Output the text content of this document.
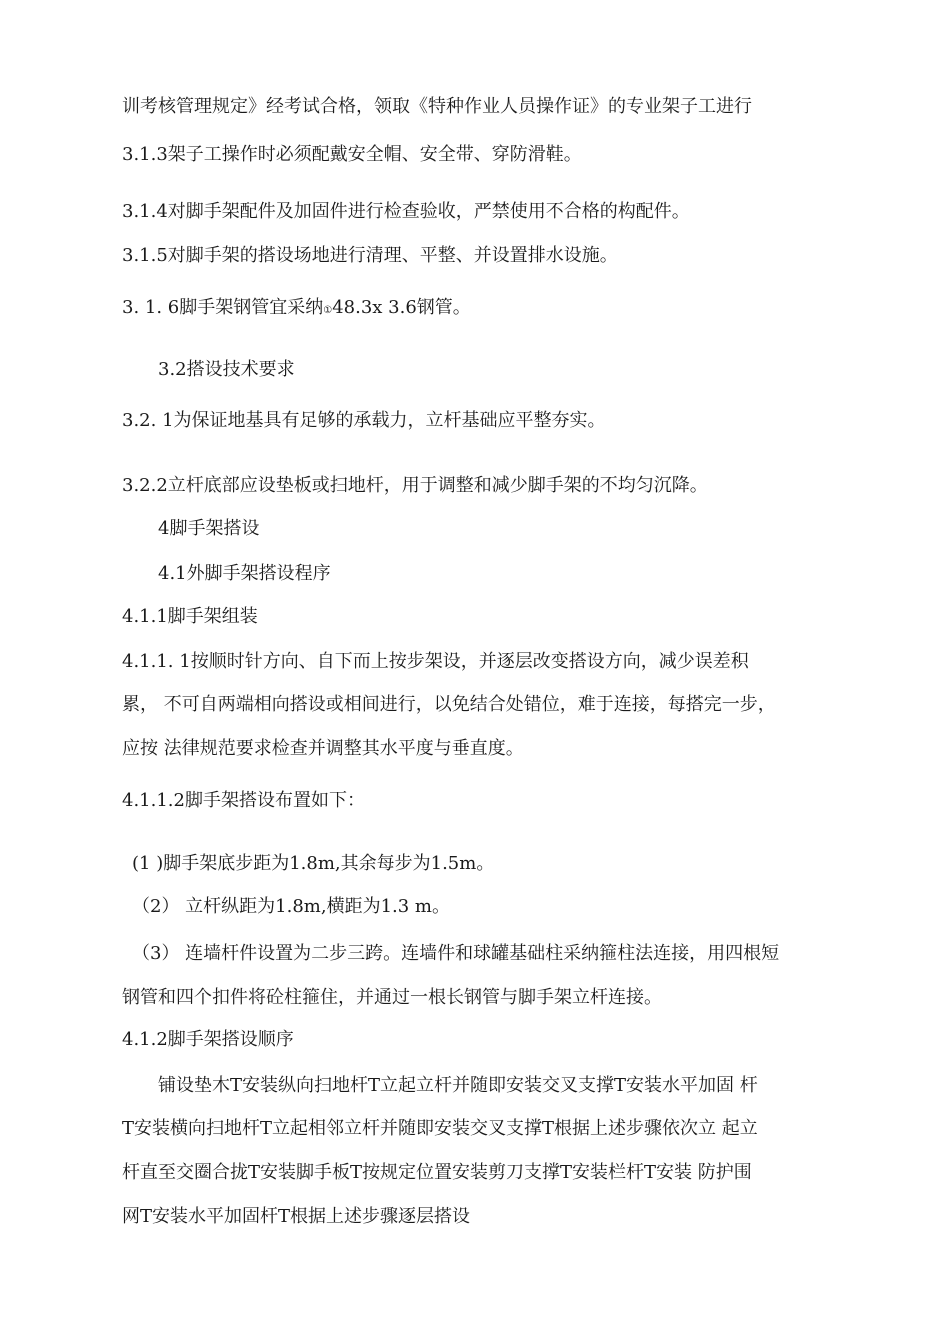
训考核管理规定》经考试合格，领取《特种作业人员操作证》的专业架子工进行
3.1.3架子工操作时必须配戴安全帽、安全带、穿防滑鞋。
3.1.4对脚手架配件及加固件进行检查验收，严禁使用不合格的构配件。
3.1.5对脚手架的搭设场地进行清理、平整、并设置排水设施。
3. 1. 6脚手架钢管宜采纳①48.3x 3.6钢管。
3.2搭设技术要求
3.2. 1为保证地基具有足够的承载力，立杆基础应平整夯实。
3.2.2立杆底部应设垫板或扫地杆，用于调整和减少脚手架的不均匀沉降。
4脚手架搭设
4.1外脚手架搭设程序
4.1.1脚手架组装
4.1.1. 1按顺时针方向、自下而上按步架设，并逐层改变搭设方向，减少误差积
累， 不可自两端相向搭设或相间进行，以免结合处错位，难于连接，每搭完一步，
应按 法律规范要求检查并调整其水平度与垂直度。
4.1.1.2脚手架搭设布置如下：
(1 )脚手架底步距为1.8m,其余每步为1.5m。
（2） 立杆纵距为1.8m,横距为1.3 m。
（3） 连墙杆件设置为二步三跨。连墙件和球罐基础柱采纳箍柱法连接，用四根短
钢管和四个扣件将砼柱箍住，并通过一根长钢管与脚手架立杆连接。
4.1.2脚手架搭设顺序
铺设垫木T安装纵向扫地杆T立起立杆并随即安装交叉支撑T安装水平加固 杆
T安装横向扫地杆T立起相邻立杆并随即安装交叉支撑T根据上述步骤依次立 起立
杆直至交圈合拢T安装脚手板T按规定位置安装剪刀支撑T安装栏杆T安装 防护围
网T安装水平加固杆T根据上述步骤逐层搭设
